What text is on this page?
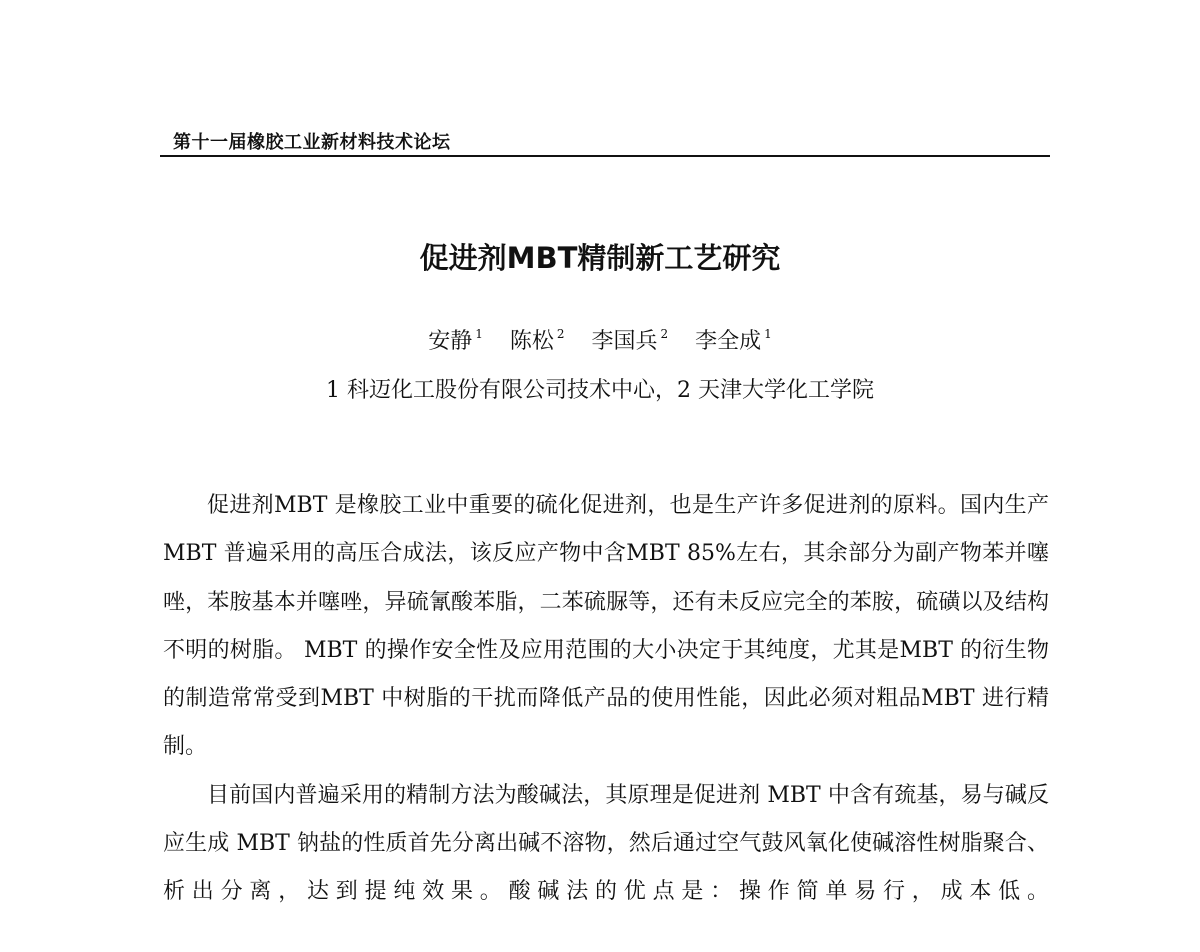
第十一届橡胶工业新材料技术论坛
促进剂MBT精制新工艺研究
安静 $^1$ 陈松 $^2$ 李国兵 $^2$ 李全成 $^1$
1 科迈化工股份有限公司技术中心，2 天津大学化工学院

促进剂MBT 是橡胶工业中重要的硫化促进剂，也是生产许多促进剂的原料。国内生产MBT 普遍采用的高压合成法，该反应产物中含MBT 85%左右，其余部分为副产物苯并噻唑，苯胺基本并噻唑，异硫氰酸苯脂，二苯硫脲等，还有未反应完全的苯胺，硫磺以及结构不明的树脂。 MBT 的操作安全性及应用范围的大小决定于其纯度，尤其是MBT 的衍生物的制造常常受到MBT 中树脂的干扰而降低产品的使用性能，因此必须对粗品MBT 进行精制。

目前国内普遍采用的精制方法为酸碱法，其原理是促进剂 MBT 中含有巯基，易与碱反应生成 MBT 钠盐的性质首先分离出碱不溶物，然后通过空气鼓风氧化使碱溶性树脂聚合、析出分离，达到提纯效果。酸碱法的优点是：操作简单易行，成本低。
